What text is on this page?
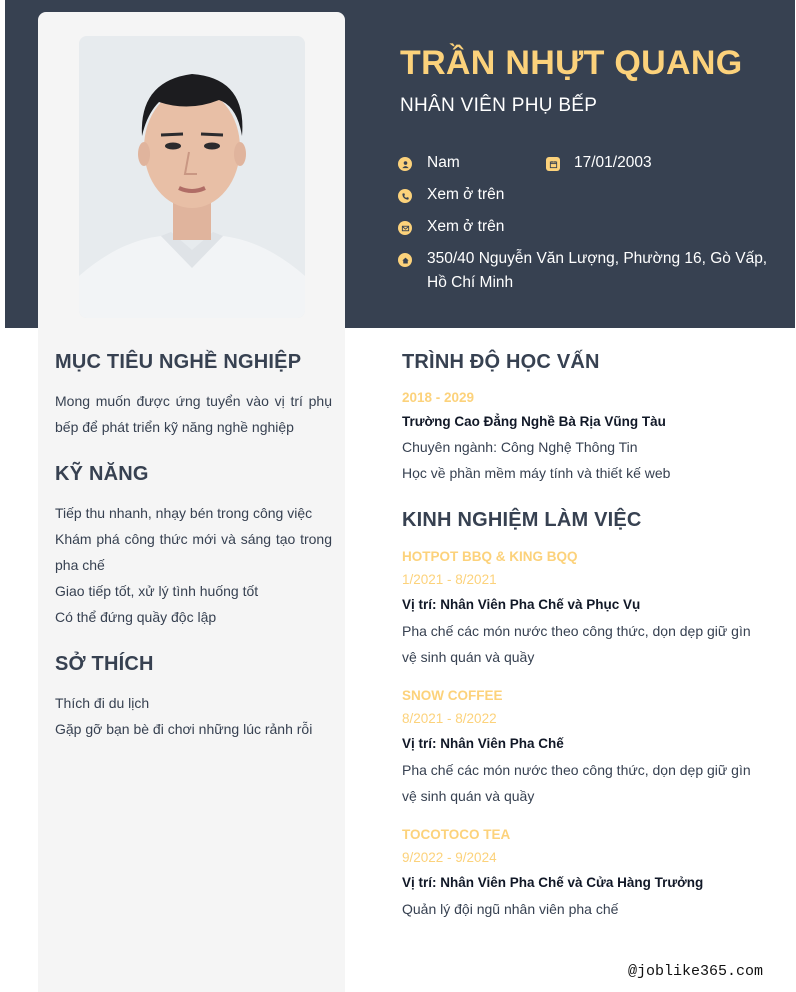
TRẦN NHỰT QUANG
NHÂN VIÊN PHỤ BẾP
Nam	17/01/2003
Xem ở trên
Xem ở trên
350/40 Nguyễn Văn Lượng, Phường 16, Gò Vấp, Hồ Chí Minh
MỤC TIÊU NGHỀ NGHIỆP
Mong muốn được ứng tuyển vào vị trí phụ bếp để phát triển kỹ năng nghề nghiệp
KỸ NĂNG
Tiếp thu nhanh, nhạy bén trong công việc
Khám phá công thức mới và sáng tạo trong pha chế
Giao tiếp tốt, xử lý tình huống tốt
Có thể đứng quầy độc lập
SỞ THÍCH
Thích đi du lịch
Gặp gỡ bạn bè đi chơi những lúc rảnh rỗi
TRÌNH ĐỘ HỌC VẤN
2018 - 2029
Trường Cao Đẳng Nghề Bà Rịa Vũng Tàu
Chuyên ngành: Công Nghệ Thông Tin
Học về phần mềm máy tính và thiết kế web
KINH NGHIỆM LÀM VIỆC
HOTPOT BBQ & KING BQQ
1/2021 - 8/2021
Vị trí: Nhân Viên Pha Chế và Phục Vụ
Pha chế các món nước theo công thức, dọn dẹp giữ gìn vệ sinh quán và quầy
SNOW COFFEE
8/2021 - 8/2022
Vị trí: Nhân Viên Pha Chế
Pha chế các món nước theo công thức, dọn dẹp giữ gìn vệ sinh quán và quầy
TOCOTOCO TEA
9/2022 - 9/2024
Vị trí: Nhân Viên Pha Chế và Cửa Hàng Trưởng
Quản lý đội ngũ nhân viên pha chế
@joblike365.com
